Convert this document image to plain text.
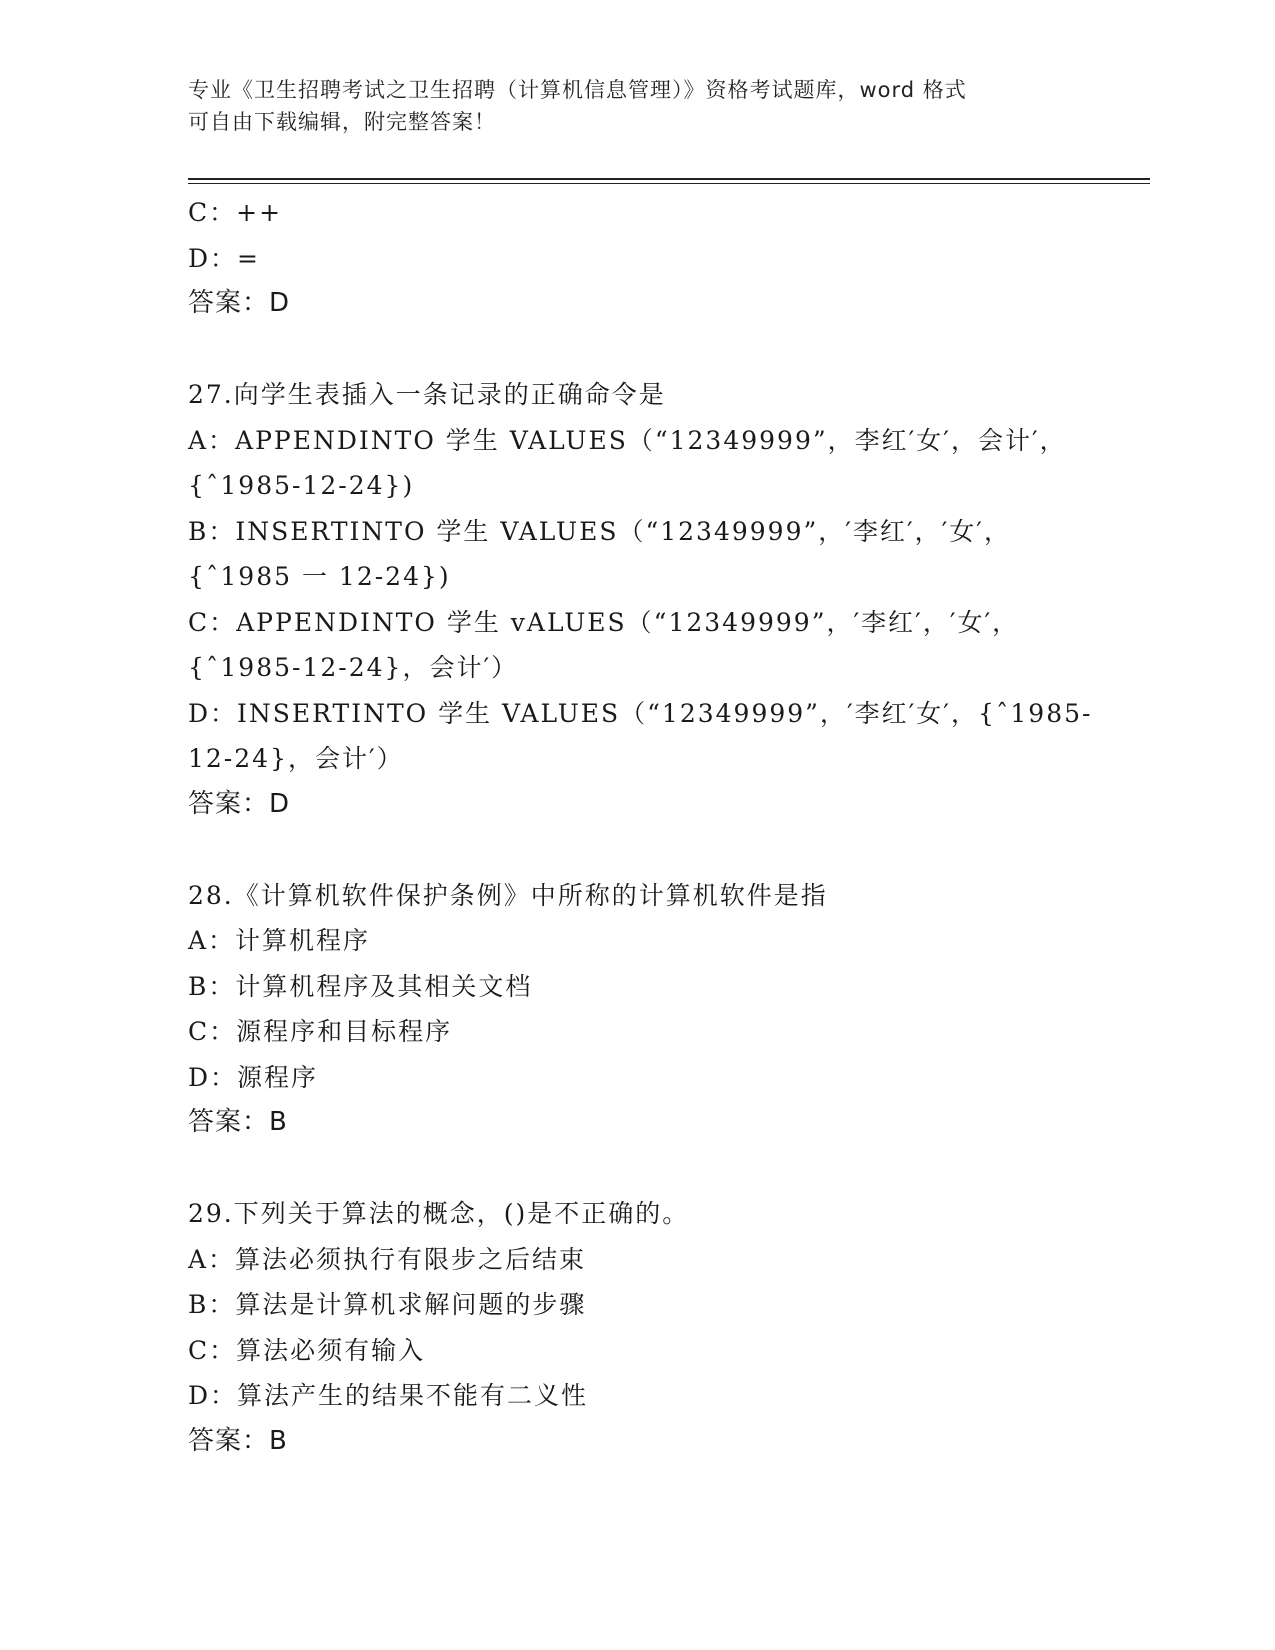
专业《卫生招聘考试之卫生招聘（计算机信息管理）》资格考试题库，word 格式
可自由下载编辑，附完整答案！
C：++
D：=
答案：D
27.向学生表插入一条记录的正确命令是
A：APPENDINTO 学生 VALUES（“12349999”，李红′女′，会计′，
{ˆ1985-12-24})
B：INSERTINTO 学生 VALUES（“12349999”，′李红′，′女′，
{ˆ1985 一 12-24})
C：APPENDINTO 学生 vALUES（“12349999”，′李红′，′女′，
{ˆ1985-12-24}，会计′）
D：INSERTINTO 学生 VALUES（“12349999”，′李红′女′，{ˆ1985-
12-24}，会计′）
答案：D
28.《计算机软件保护条例》中所称的计算机软件是指
A：计算机程序
B：计算机程序及其相关文档
C：源程序和目标程序
D：源程序
答案：B
29.下列关于算法的概念，()是不正确的。
A：算法必须执行有限步之后结束
B：算法是计算机求解问题的步骤
C：算法必须有输入
D：算法产生的结果不能有二义性
答案：B
